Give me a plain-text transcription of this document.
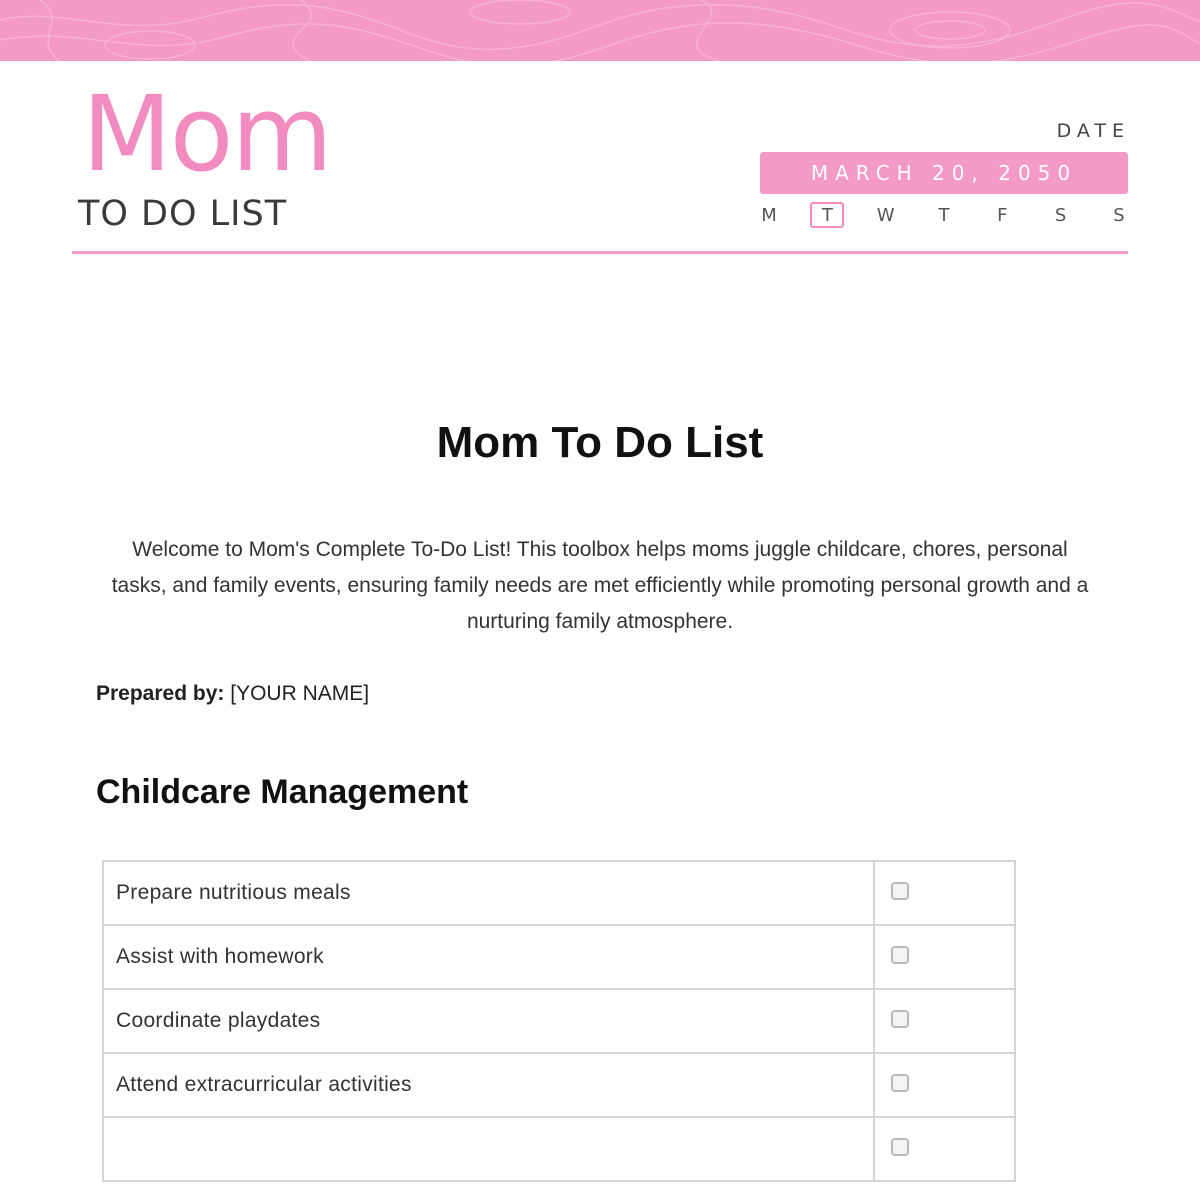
Mom
TO DO LIST
DATE
MARCH 20, 2050
M	T	W	T	F	S	S
Mom To Do List

Welcome to Mom's Complete To-Do List! This toolbox helps moms juggle childcare, chores, personal tasks, and family events, ensuring family needs are met efficiently while promoting personal growth and a nurturing family atmosphere.

Prepared by: [YOUR NAME]
Childcare Management
Prepare nutritious meals	
Assist with homework	
Coordinate playdates	
Attend extracurricular activities	
